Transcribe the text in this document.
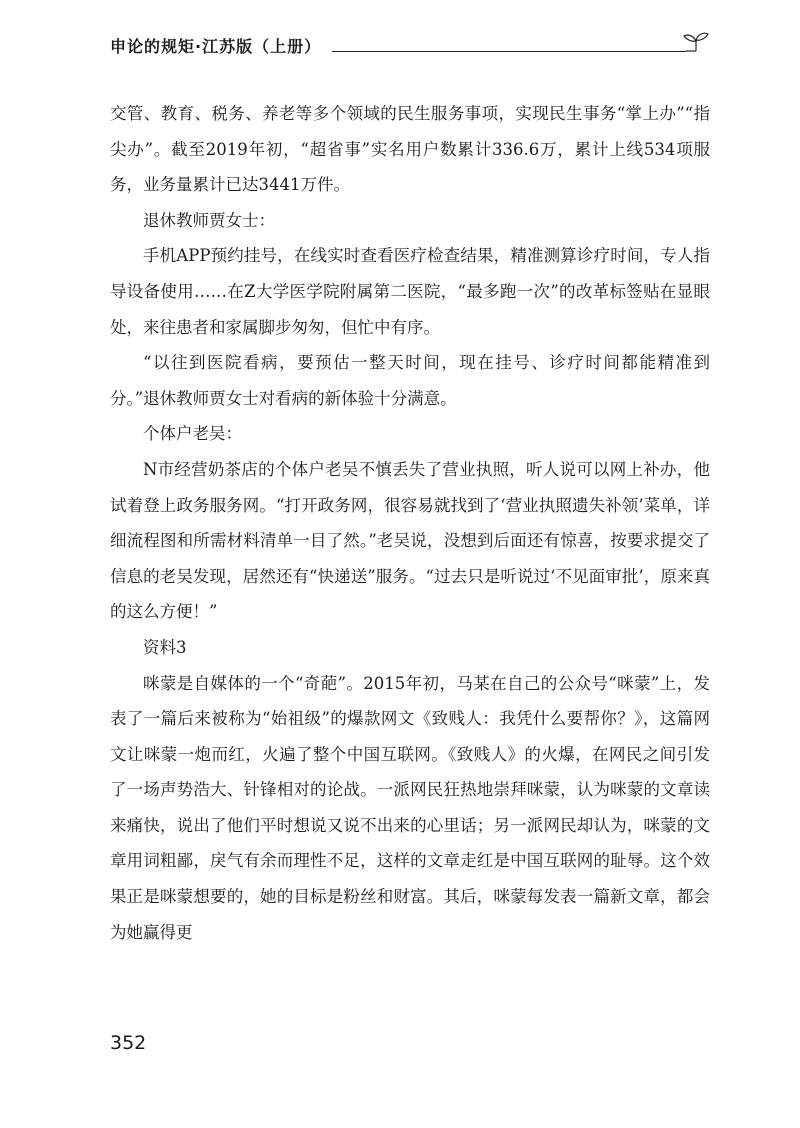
申论的规矩·江苏版（上册）

交管、教育、税务、养老等多个领域的民生服务事项，实现民生事务“掌上办”“指尖办”。截至2019年初，“超省事”实名用户数累计336.6万，累计上线534项服务，业务量累计已达3441万件。

退休教师贾女士：

手机APP预约挂号，在线实时查看医疗检查结果，精准测算诊疗时间，专人指导设备使用……在Z大学医学院附属第二医院，“最多跑一次”的改革标签贴在显眼处，来往患者和家属脚步匆匆，但忙中有序。

“以往到医院看病，要预估一整天时间，现在挂号、诊疗时间都能精准到分。”退休教师贾女士对看病的新体验十分满意。

个体户老吴：

N市经营奶茶店的个体户老吴不慎丢失了营业执照，听人说可以网上补办，他试着登上政务服务网。“打开政务网，很容易就找到了‘营业执照遗失补领’菜单，详细流程图和所需材料清单一目了然。”老吴说，没想到后面还有惊喜，按要求提交了信息的老吴发现，居然还有“快递送”服务。“过去只是听说过‘不见面审批’，原来真的这么方便！”

资料3

咪蒙是自媒体的一个“奇葩”。2015年初，马某在自己的公众号“咪蒙”上，发表了一篇后来被称为“始祖级”的爆款网文《致贱人：我凭什么要帮你？》，这篇网文让咪蒙一炮而红，火遍了整个中国互联网。《致贱人》的火爆，在网民之间引发了一场声势浩大、针锋相对的论战。一派网民狂热地崇拜咪蒙，认为咪蒙的文章读来痛快，说出了他们平时想说又说不出来的心里话；另一派网民却认为，咪蒙的文章用词粗鄙，戾气有余而理性不足，这样的文章走红是中国互联网的耻辱。这个效果正是咪蒙想要的，她的目标是粉丝和财富。其后，咪蒙每发表一篇新文章，都会为她赢得更

352
